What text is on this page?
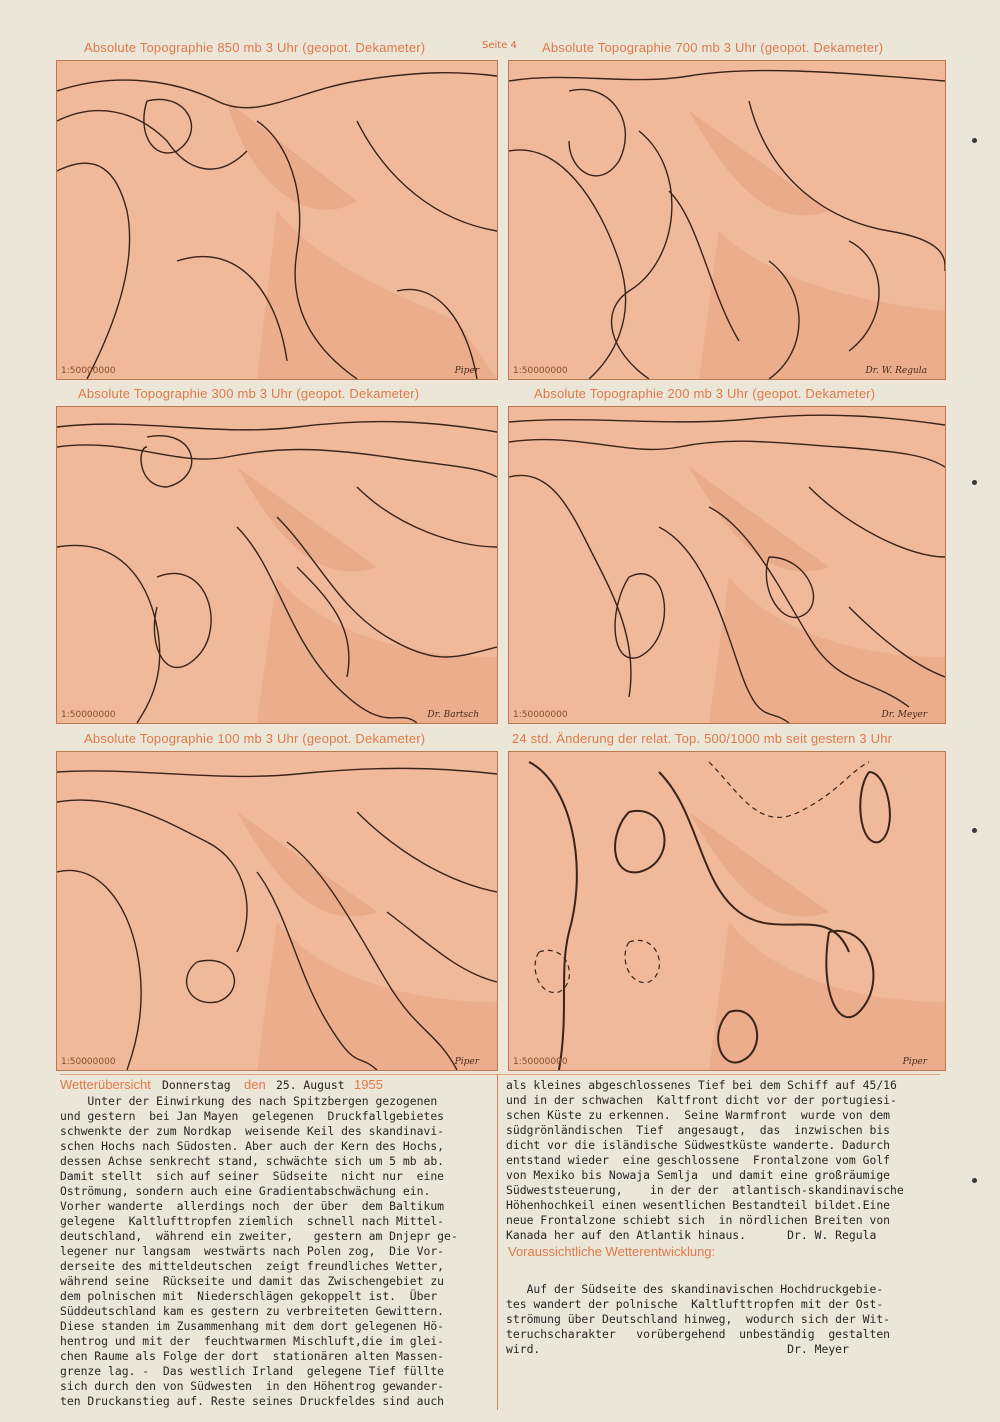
Seite 4
Absolute Topographie 850 mb 3 Uhr (geopot. Dekameter)	Absolute Topographie 700 mb 3 Uhr (geopot. Dekameter)
Absolute Topographie 300 mb 3 Uhr (geopot. Dekameter)	Absolute Topographie 200 mb 3 Uhr (geopot. Dekameter)
Absolute Topographie 100 mb 3 Uhr (geopot. Dekameter)	24 std. Änderung der relat. Top. 500/1000 mb seit gestern 3 Uhr
1:50000000	Piper	1:50000000	Dr. W. Regula
1:50000000	Dr. Bartsch	1:50000000	Dr. Meyer
1:50000000	Piper	1:50000000	Piper
Wetterübersicht Donnerstag den 25. August 1955
Unter der Einwirkung des nach Spitzbergen gezogenen
und gestern  bei Jan Mayen  gelegenen  Druckfallgebietes
schwenkte der zum Nordkap  weisende Keil des skandinavi-
schen Hochs nach Südosten. Aber auch der Kern des Hochs,
dessen Achse senkrecht stand, schwächte sich um 5 mb ab.
Damit stellt  sich auf seiner  Südseite  nicht nur  eine
Oströmung, sondern auch eine Gradientabschwächung ein.
Vorher wanderte  allerdings noch  der über  dem Baltikum
gelegene  Kaltlufttropfen ziemlich  schnell nach Mittel-
deutschland,  während ein zweiter,   gestern am Dnjepr ge-
legener nur langsam  westwärts nach Polen zog,  Die Vor-
derseite des mitteldeutschen  zeigt freundliches Wetter,
während seine  Rückseite und damit das Zwischengebiet zu
dem polnischen mit  Niederschlägen gekoppelt ist.  Über
Süddeutschland kam es gestern zu verbreiteten Gewittern.
Diese standen im Zusammenhang mit dem dort gelegenen Hö-
hentrog und mit der  feuchtwarmen Mischluft,die im glei-
chen Raume als Folge der dort  stationären alten Massen-
grenze lag. -  Das westlich Irland  gelegene Tief füllte
sich durch den von Südwesten  in den Höhentrog gewander-
ten Druckanstieg auf. Reste seines Druckfeldes sind auch
als kleines abgeschlossenes Tief bei dem Schiff auf 45/16
und in der schwachen  Kaltfront dicht vor der portugiesi-
schen Küste zu erkennen.  Seine Warmfront  wurde von dem
südgrönländischen  Tief  angesaugt,  das  inzwischen bis
dicht vor die isländische Südwestküste wanderte. Dadurch
entstand wieder  eine geschlossene  Frontalzone vom Golf
von Mexiko bis Nowaja Semlja  und damit eine großräumige
Südweststeuerung,    in der der  atlantisch-skandinavische
Höhenhochkeil einen wesentlichen Bestandteil bildet.Eine
neue Frontalzone schiebt sich  in nördlichen Breiten von
Kanada her auf den Atlantik hinaus.      Dr. W. Regula
Voraussichtliche Wetterentwicklung:
Auf der Südseite des skandinavischen Hochdruckgebie-
tes wandert der polnische  Kaltlufttropfen mit der Ost-
strömung über Deutschland hinweg,  wodurch sich der Wit-
teruchscharakter   vorübergehend  unbeständig  gestalten
wird.                                    Dr. Meyer
